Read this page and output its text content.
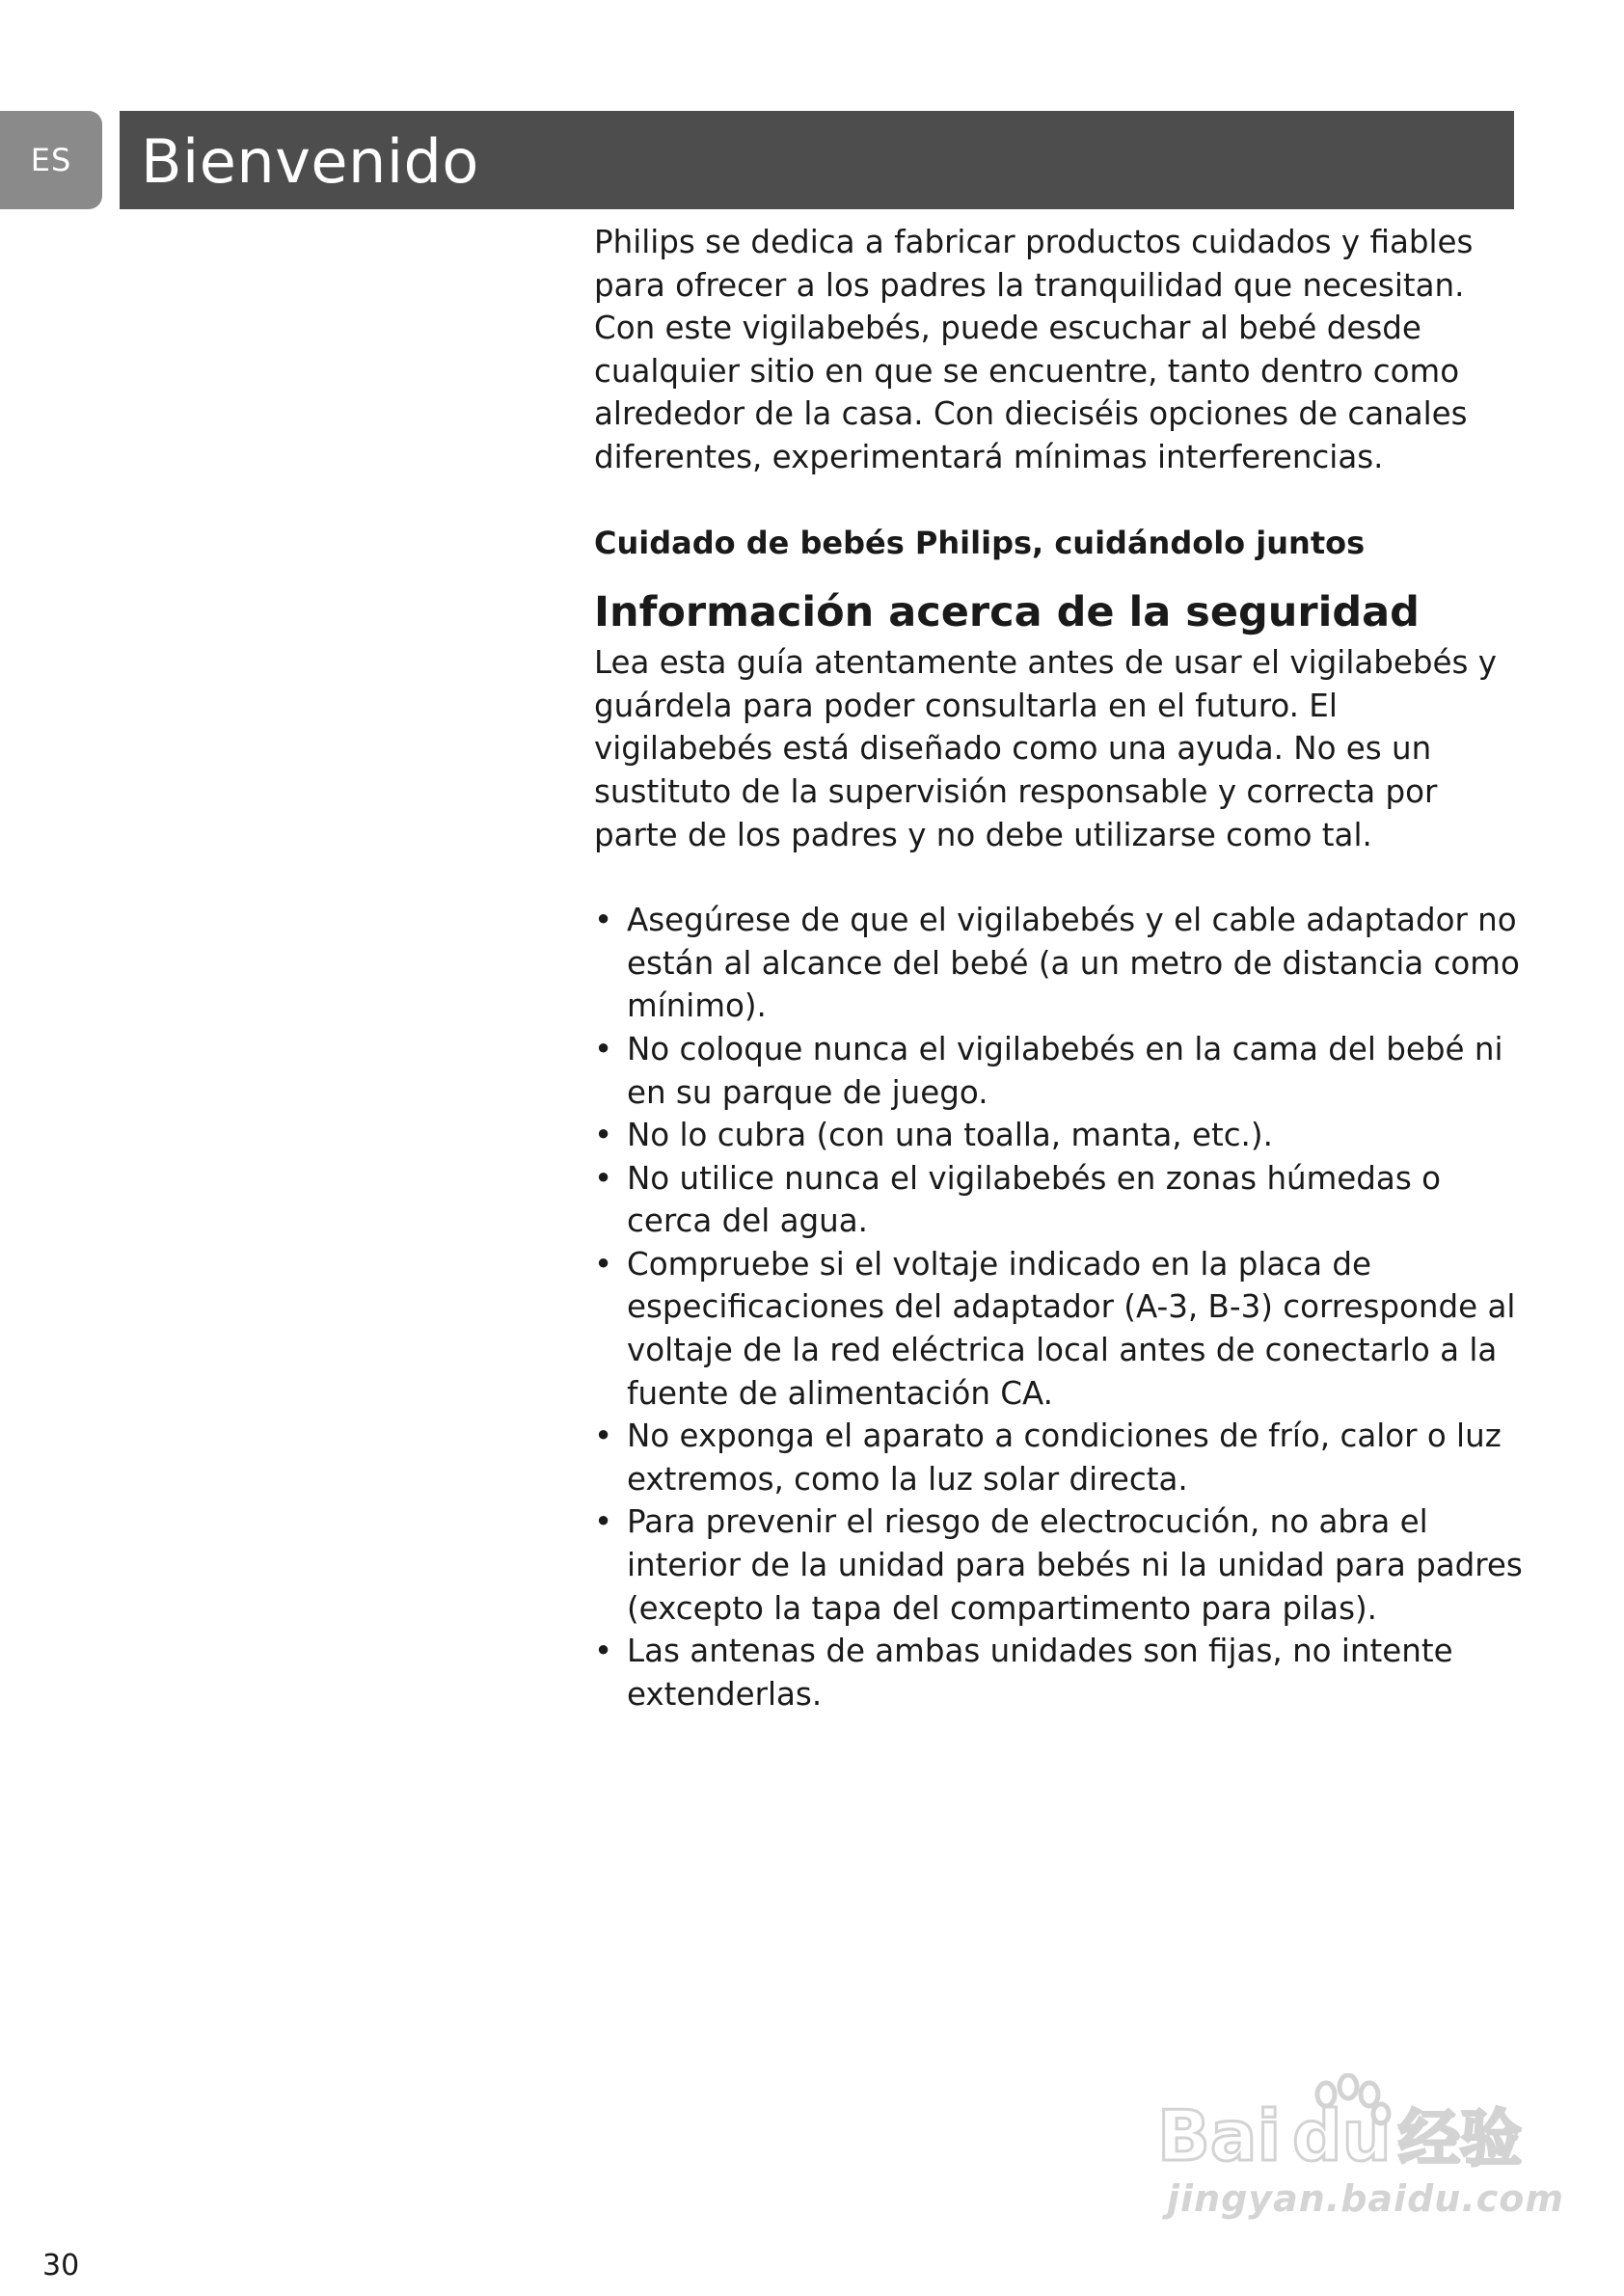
ES Bienvenido

Philips se dedica a fabricar productos cuidados y fiables para ofrecer a los padres la tranquilidad que necesitan. Con este vigilabebés, puede escuchar al bebé desde cualquier sitio en que se encuentre, tanto dentro como alrededor de la casa. Con dieciséis opciones de canales diferentes, experimentará mínimas interferencias.

Cuidado de bebés Philips, cuidándolo juntos

Información acerca de la seguridad

Lea esta guía atentamente antes de usar el vigilabebés y guárdela para poder consultarla en el futuro. El vigilabebés está diseñado como una ayuda. No es un sustituto de la supervisión responsable y correcta por parte de los padres y no debe utilizarse como tal.

• Asegúrese de que el vigilabebés y el cable adaptador no están al alcance del bebé (a un metro de distancia como mínimo).
• No coloque nunca el vigilabebés en la cama del bebé ni en su parque de juego.
• No lo cubra (con una toalla, manta, etc.).
• No utilice nunca el vigilabebés en zonas húmedas o cerca del agua.
• Compruebe si el voltaje indicado en la placa de especificaciones del adaptador (A-3, B-3) corresponde al voltaje de la red eléctrica local antes de conectarlo a la fuente de alimentación CA.
• No exponga el aparato a condiciones de frío, calor o luz extremos, como la luz solar directa.
• Para prevenir el riesgo de electrocución, no abra el interior de la unidad para bebés ni la unidad para padres (excepto la tapa del compartimento para pilas).
• Las antenas de ambas unidades son fijas, no intente extenderlas.
30
Bai du 经验
jingyan.baidu.com
